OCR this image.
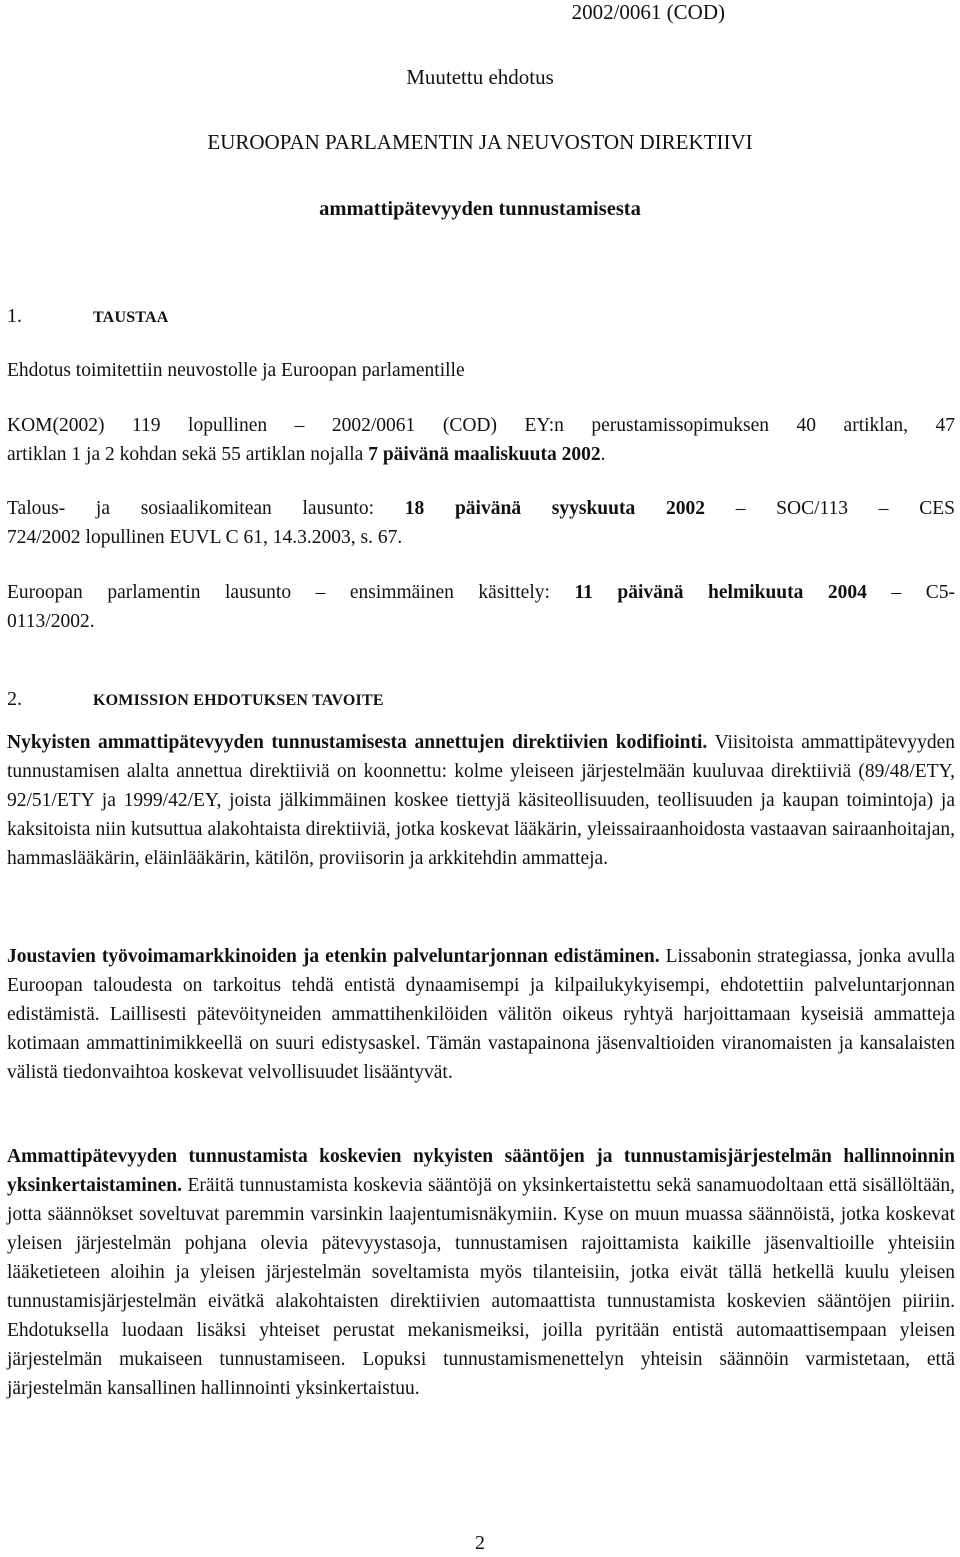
2002/0061 (COD)
Muutettu ehdotus
EUROOPAN PARLAMENTIN JA NEUVOSTON DIREKTIIVI
ammattipätevyyden tunnustamisesta
1.	TAUSTAA

Ehdotus toimitettiin neuvostolle ja Euroopan parlamentille

KOM(2002) 119 lopullinen – 2002/0061 (COD) EY:n perustamissopimuksen 40 artiklan, 47
artiklan 1 ja 2 kohdan sekä 55 artiklan nojalla 7 päivänä maaliskuuta 2002.

Talous- ja sosiaalikomitean lausunto: 18 päivänä syyskuuta 2002 – SOC/113 – CES
724/2002 lopullinen EUVL C 61, 14.3.2003, s. 67.

Euroopan parlamentin lausunto – ensimmäinen käsittely: 11 päivänä helmikuuta 2004 – C5-
0113/2002.

2.	KOMISSION EHDOTUKSEN TAVOITE

Nykyisten ammattipätevyyden tunnustamisesta annettujen direktiivien kodifiointi. Viisitoista ammattipätevyyden tunnustamisen alalta annettua direktiiviä on koonnettu: kolme yleiseen järjestelmään kuuluvaa direktiiviä (89/48/ETY, 92/51/ETY ja 1999/42/EY, joista jälkimmäinen koskee tiettyjä käsiteollisuuden, teollisuuden ja kaupan toimintoja) ja kaksitoista niin kutsuttua alakohtaista direktiiviä, jotka koskevat lääkärin, yleissairaanhoidosta vastaavan sairaanhoitajan, hammaslääkärin, eläinlääkärin, kätilön, proviisorin ja arkkitehdin ammatteja.

Joustavien työvoimamarkkinoiden ja etenkin palveluntarjonnan edistäminen. Lissabonin strategiassa, jonka avulla Euroopan taloudesta on tarkoitus tehdä entistä dynaamisempi ja kilpailukykyisempi, ehdotettiin palveluntarjonnan edistämistä. Laillisesti pätevöityneiden ammattihenkilöiden välitön oikeus ryhtyä harjoittamaan kyseisiä ammatteja kotimaan ammattinimikkeellä on suuri edistysaskel. Tämän vastapainona jäsenvaltioiden viranomaisten ja kansalaisten välistä tiedonvaihtoa koskevat velvollisuudet lisääntyvät.

Ammattipätevyyden tunnustamista koskevien nykyisten sääntöjen ja tunnustamisjärjestelmän hallinnoinnin yksinkertaistaminen. Eräitä tunnustamista koskevia sääntöjä on yksinkertaistettu sekä sanamuodoltaan että sisällöltään, jotta säännökset soveltuvat paremmin varsinkin laajentumisnäkymiin. Kyse on muun muassa säännöistä, jotka koskevat yleisen järjestelmän pohjana olevia pätevyystasoja, tunnustamisen rajoittamista kaikille jäsenvaltioille yhteisiin lääketieteen aloihin ja yleisen järjestelmän soveltamista myös tilanteisiin, jotka eivät tällä hetkellä kuulu yleisen tunnustamisjärjestelmän eivätkä alakohtaisten direktiivien automaattista tunnustamista koskevien sääntöjen piiriin. Ehdotuksella luodaan lisäksi yhteiset perustat mekanismeiksi, joilla pyritään entistä automaattisempaan yleisen järjestelmän mukaiseen tunnustamiseen. Lopuksi tunnustamismenettelyn yhteisin säännöin varmistetaan, että järjestelmän kansallinen hallinnointi yksinkertaistuu.

2
